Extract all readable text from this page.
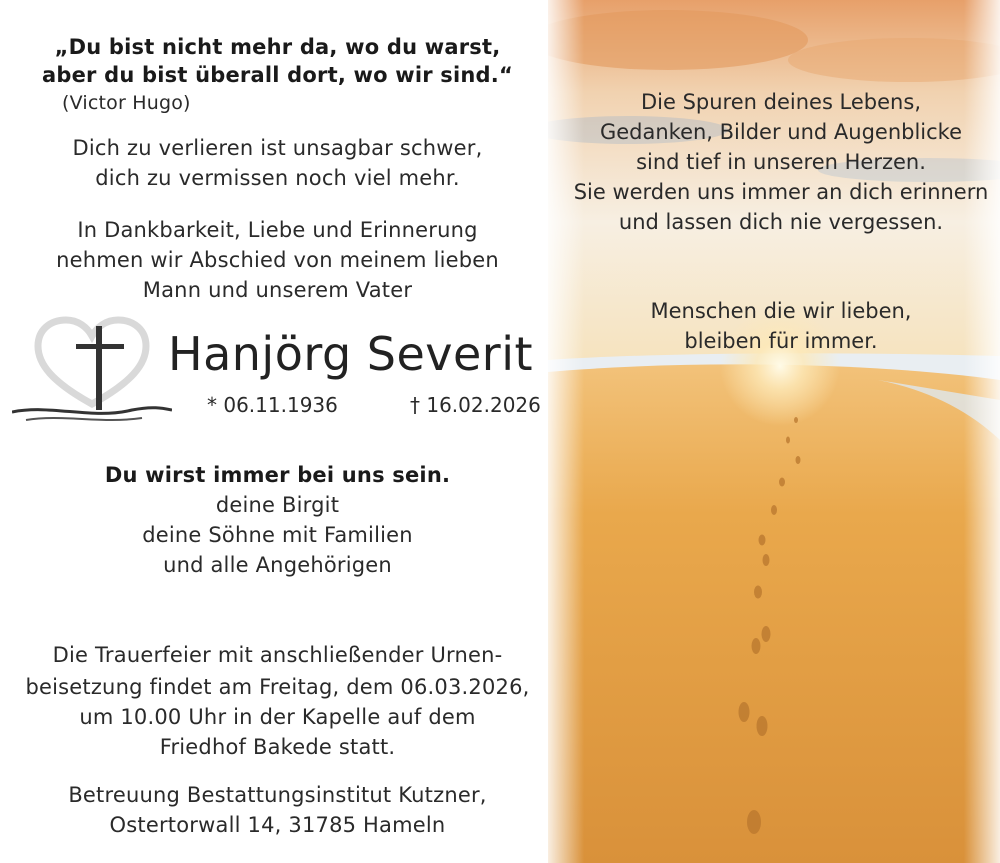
„Du bist nicht mehr da, wo du warst,
aber du bist überall dort, wo wir sind.“
(Victor Hugo)
Dich zu verlieren ist unsagbar schwer,
dich zu vermissen noch viel mehr.
In Dankbarkeit, Liebe und Erinnerung
nehmen wir Abschied von meinem lieben
Mann und unserem Vater
Hanjörg Severit
* 06.11.1936	† 16.02.2026
Du wirst immer bei uns sein.
deine Birgit
deine Söhne mit Familien
und alle Angehörigen
Die Trauerfeier mit anschließender Urnen-
beisetzung findet am Freitag, dem 06.03.2026,
um 10.00 Uhr in der Kapelle auf dem
Friedhof Bakede statt.
Betreuung Bestattungsinstitut Kutzner,
Ostertorwall 14, 31785 Hameln
Die Spuren deines Lebens,
Gedanken, Bilder und Augenblicke
sind tief in unseren Herzen.
Sie werden uns immer an dich erinnern
und lassen dich nie vergessen.
Menschen die wir lieben,
bleiben für immer.
